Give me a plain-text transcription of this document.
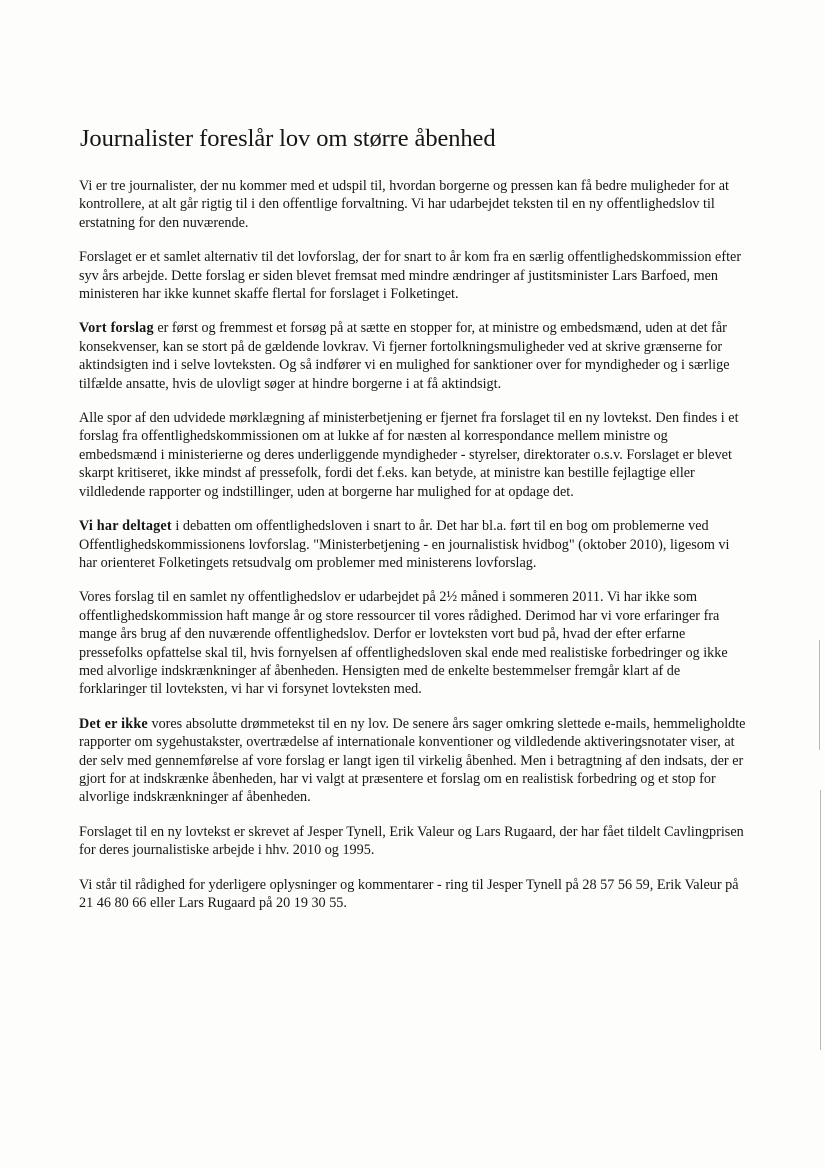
Journalister foreslår lov om større åbenhed

Vi er tre journalister, der nu kommer med et udspil til, hvordan borgerne og pressen kan få bedre muligheder for at kontrollere, at alt går rigtig til i den offentlige forvaltning. Vi har udarbejdet teksten til en ny offentlighedslov til erstatning for den nuværende.

Forslaget er et samlet alternativ til det lovforslag, der for snart to år kom fra en særlig offentlighedskommission efter syv års arbejde. Dette forslag er siden blevet fremsat med mindre ændringer af justitsminister Lars Barfoed, men ministeren har ikke kunnet skaffe flertal for forslaget i Folketinget.

Vort forslag er først og fremmest et forsøg på at sætte en stopper for, at ministre og embedsmænd, uden at det får konsekvenser, kan se stort på de gældende lovkrav. Vi fjerner fortolkningsmuligheder ved at skrive grænserne for aktindsigten ind i selve lovteksten. Og så indfører vi en mulighed for sanktioner over for myndigheder og i særlige tilfælde ansatte, hvis de ulovligt søger at hindre borgerne i at få aktindsigt.

Alle spor af den udvidede mørklægning af ministerbetjening er fjernet fra forslaget til en ny lovtekst. Den findes i et forslag fra offentlighedskommissionen om at lukke af for næsten al korrespondance mellem ministre og embedsmænd i ministerierne og deres underliggende myndigheder - styrelser, direktorater o.s.v. Forslaget er blevet skarpt kritiseret, ikke mindst af pressefolk, fordi det f.eks. kan betyde, at ministre kan bestille fejlagtige eller vildledende rapporter og indstillinger, uden at borgerne har mulighed for at opdage det.

Vi har deltaget i debatten om offentlighedsloven i snart to år. Det har bl.a. ført til en bog om problemerne ved Offentlighedskommissionens lovforslag. "Ministerbetjening - en journalistisk hvidbog" (oktober 2010), ligesom vi har orienteret Folketingets retsudvalg om problemer med ministerens lovforslag.

Vores forslag til en samlet ny offentlighedslov er udarbejdet på 2½ måned i sommeren 2011. Vi har ikke som offentlighedskommission haft mange år og store ressourcer til vores rådighed. Derimod har vi vore erfaringer fra mange års brug af den nuværende offentlighedslov. Derfor er lovteksten vort bud på, hvad der efter erfarne pressefolks opfattelse skal til, hvis fornyelsen af offentlighedsloven skal ende med realistiske forbedringer og ikke med alvorlige indskrænkninger af åbenheden. Hensigten med de enkelte bestemmelser fremgår klart af de forklaringer til lovteksten, vi har vi forsynet lovteksten med.

Det er ikke vores absolutte drømmetekst til en ny lov. De senere års sager omkring slettede e-mails, hemmeligholdte rapporter om sygehustakster, overtrædelse af internationale konventioner og vildledende aktiveringsnotater viser, at der selv med gennemførelse af vore forslag er langt igen til virkelig åbenhed. Men i betragtning af den indsats, der er gjort for at indskrænke åbenheden, har vi valgt at præsentere et forslag om en realistisk forbedring og et stop for alvorlige indskrænkninger af åbenheden.

Forslaget til en ny lovtekst er skrevet af Jesper Tynell, Erik Valeur og Lars Rugaard, der har fået tildelt Cavlingprisen for deres journalistiske arbejde i hhv. 2010 og 1995.

Vi står til rådighed for yderligere oplysninger og kommentarer - ring til Jesper Tynell på 28 57 56 59, Erik Valeur på 21 46 80 66 eller Lars Rugaard på 20 19 30 55.
